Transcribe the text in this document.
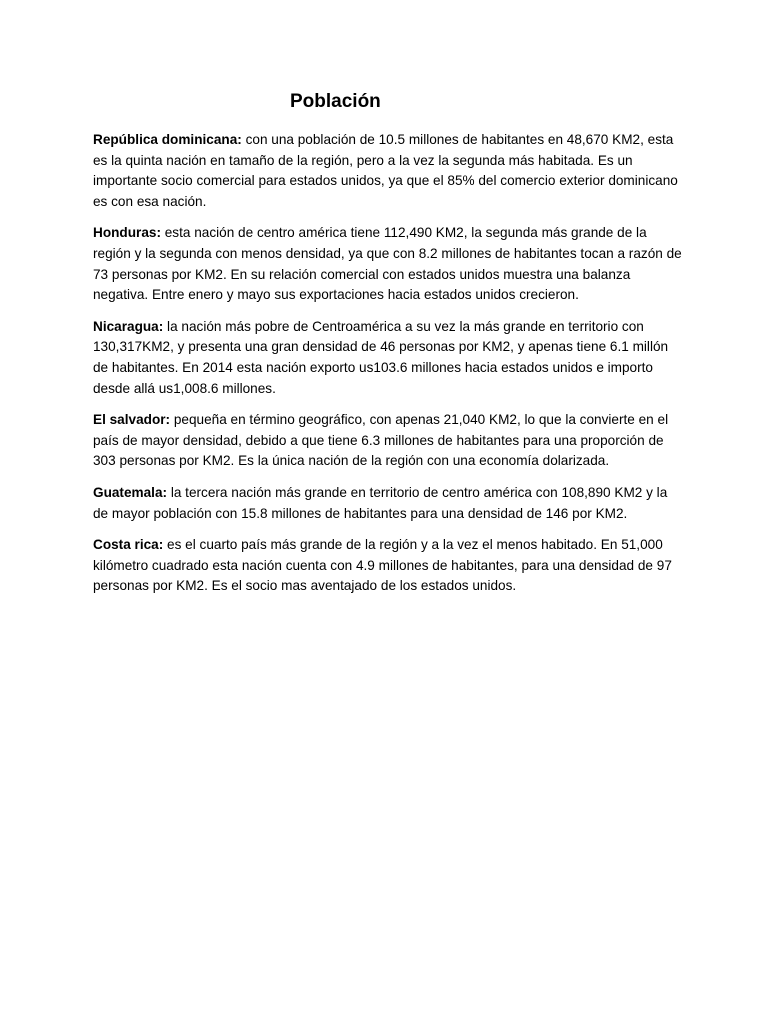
Población

República dominicana: con una población de 10.5 millones de habitantes en 48,670 KM2, esta es la quinta nación en tamaño de la región, pero a la vez la segunda más habitada. Es un importante socio comercial para estados unidos, ya que el 85% del comercio exterior dominicano es con esa nación.

Honduras: esta nación de centro américa tiene 112,490 KM2, la segunda más grande de la región y la segunda con menos densidad, ya que con 8.2 millones de habitantes tocan a razón de 73 personas por KM2. En su relación comercial con estados unidos muestra una balanza negativa. Entre enero y mayo sus exportaciones hacia estados unidos crecieron.

Nicaragua: la nación más pobre de Centroamérica a su vez la más grande en territorio con 130,317KM2, y presenta una gran densidad de 46 personas por KM2, y apenas tiene 6.1 millón de habitantes. En 2014 esta nación exporto us103.6 millones hacia estados unidos e importo desde allá us1,008.6 millones.

El salvador: pequeña en término geográfico, con apenas 21,040 KM2, lo que la convierte en el país de mayor densidad, debido a que tiene 6.3 millones de habitantes para una proporción de 303 personas por KM2. Es la única nación de la región con una economía dolarizada.

Guatemala: la tercera nación más grande en territorio de centro américa con 108,890 KM2 y la de mayor población con 15.8 millones de habitantes para una densidad de 146 por KM2.

Costa rica: es el cuarto país más grande de la región y a la vez el menos habitado. En 51,000 kilómetro cuadrado esta nación cuenta con 4.9 millones de habitantes, para una densidad de 97 personas por KM2. Es el socio mas aventajado de los estados unidos.
